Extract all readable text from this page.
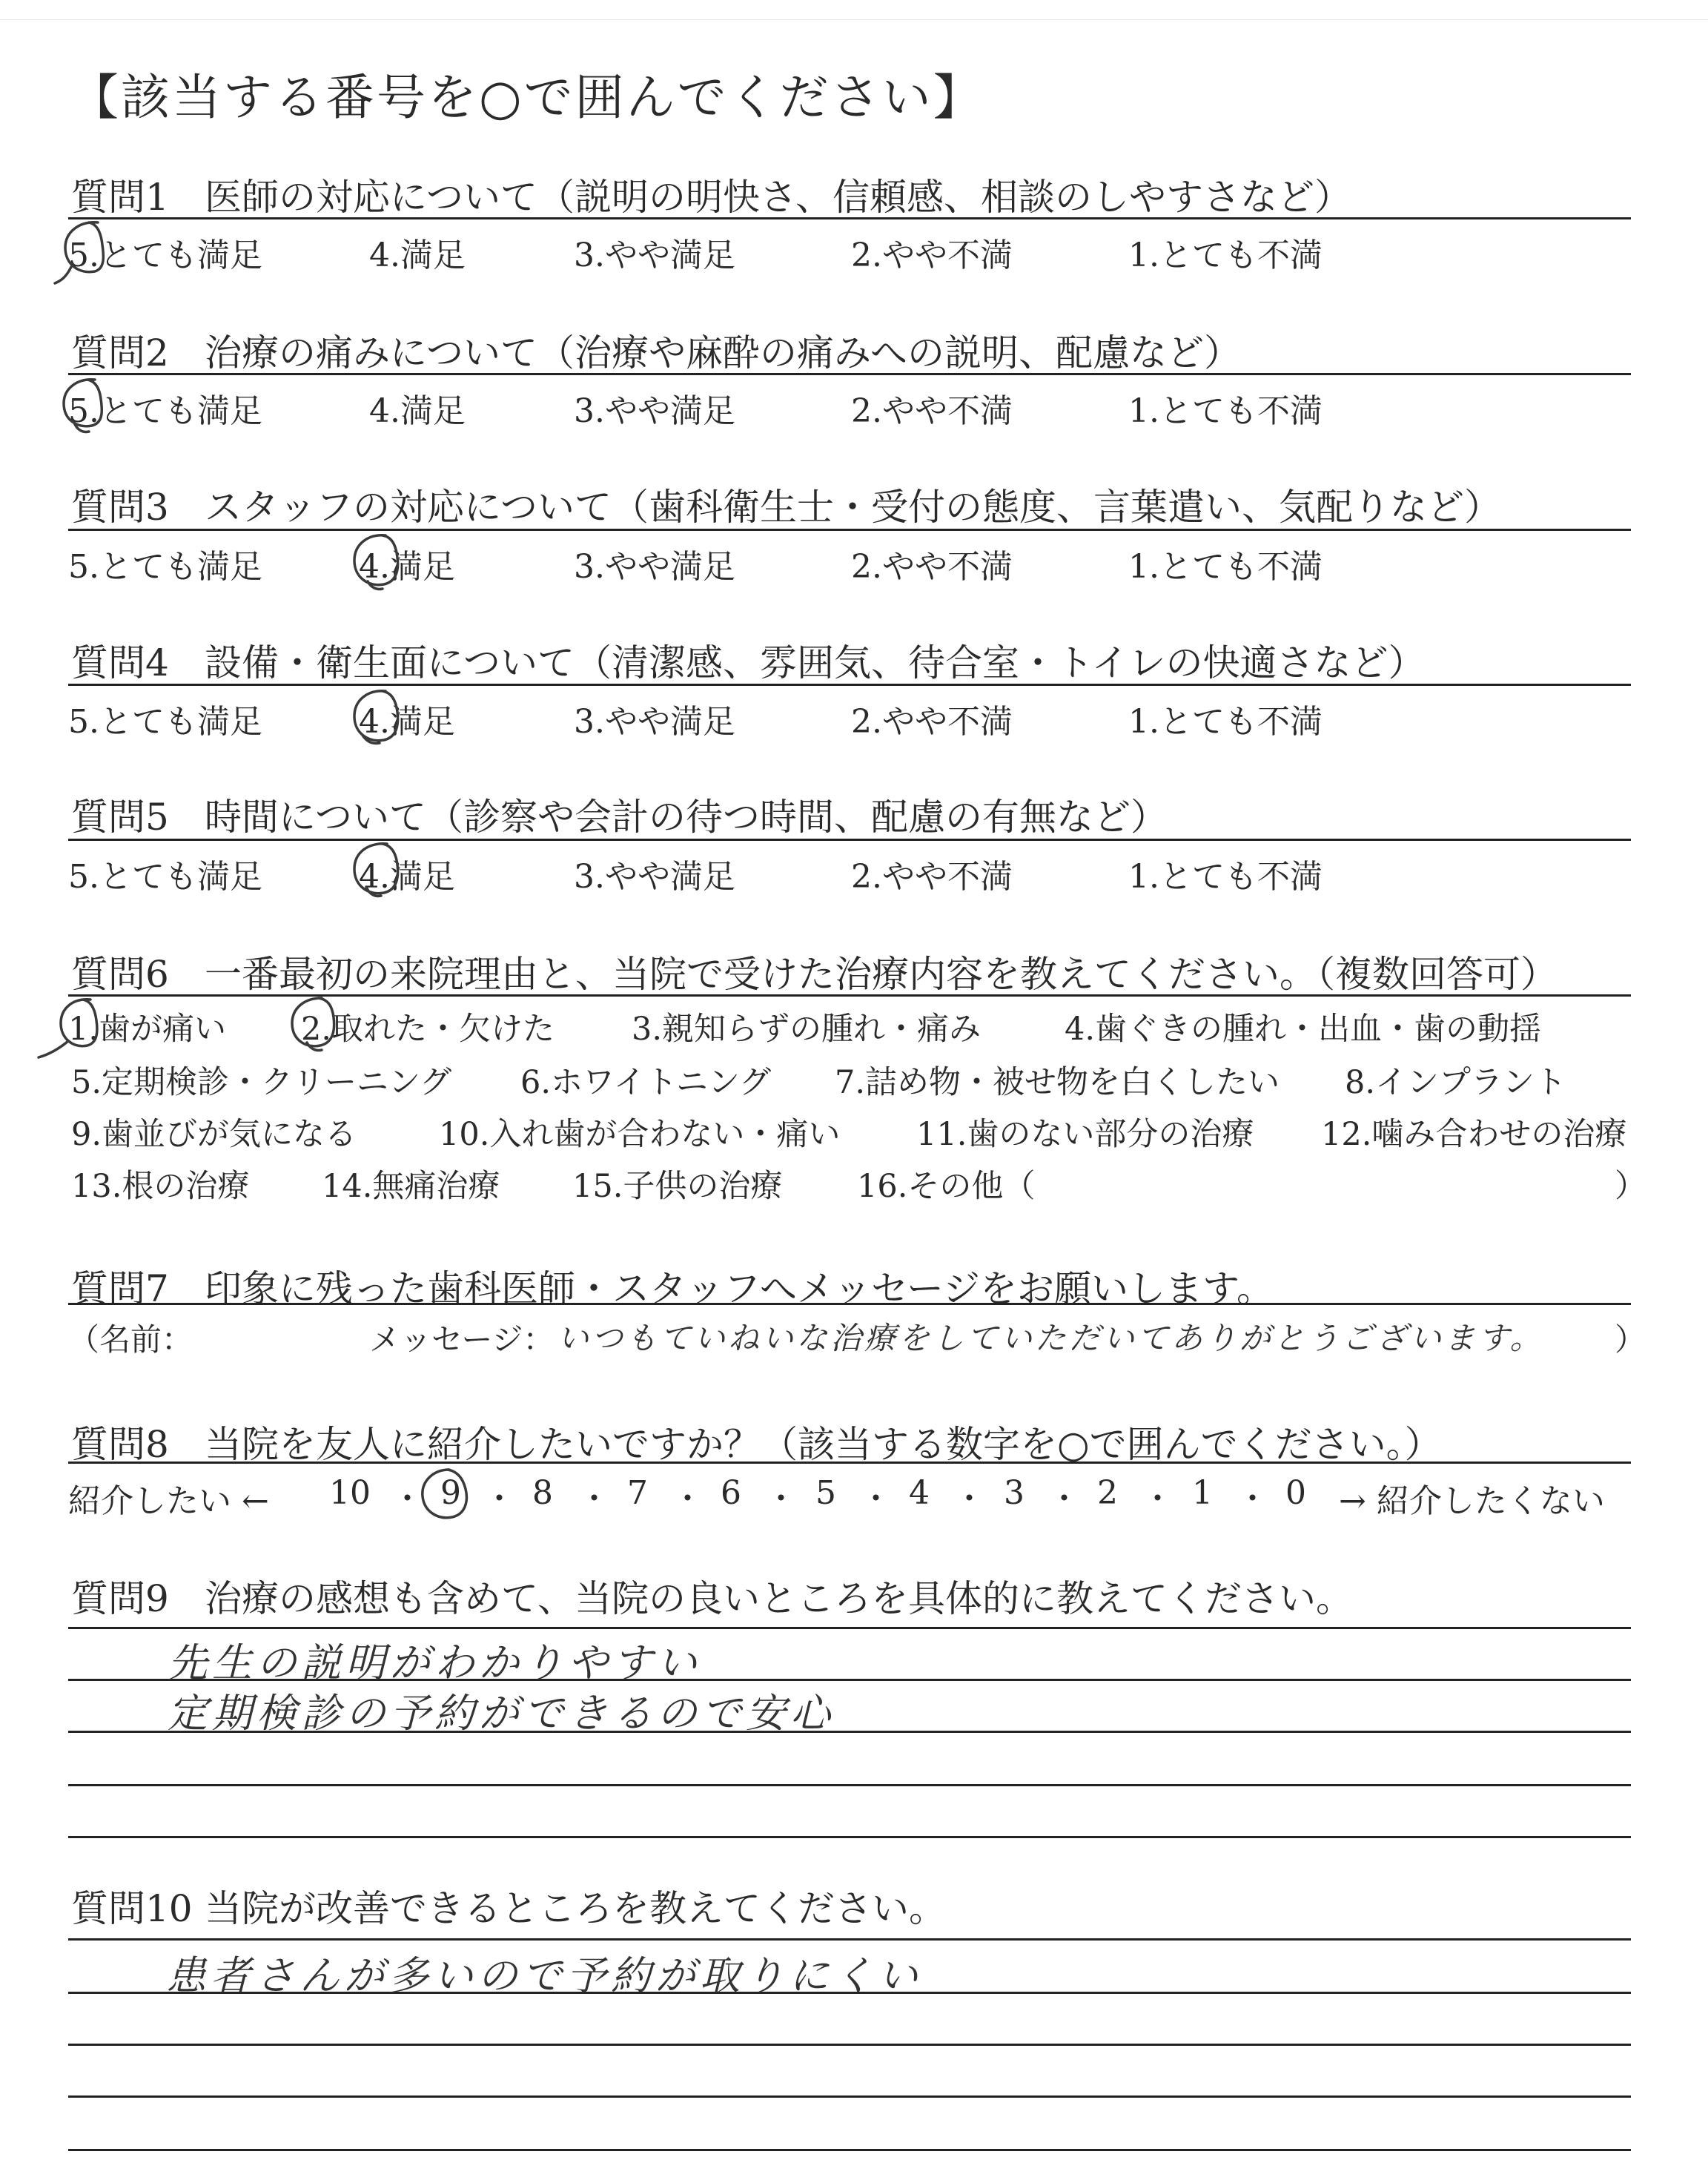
【該当する番号を○で囲んでください】
質問1 医師の対応について（説明の明快さ、信頼感、相談のしやすさなど）
5.とても満足	4.満足	3.やや満足	2.やや不満	1.とても不満
質問2 治療の痛みについて（治療や麻酔の痛みへの説明、配慮など）
5.とても満足	4.満足	3.やや満足	2.やや不満	1.とても不満
質問3 スタッフの対応について（歯科衛生士・受付の態度、言葉遣い、気配りなど）
5.とても満足	4.満足	3.やや満足	2.やや不満	1.とても不満
質問4 設備・衛生面について（清潔感、雰囲気、待合室・トイレの快適さなど）
5.とても満足	4.満足	3.やや満足	2.やや不満	1.とても不満
質問5 時間について（診察や会計の待つ時間、配慮の有無など）
5.とても満足	4.満足	3.やや満足	2.やや不満	1.とても不満
質問6 一番最初の来院理由と、当院で受けた治療内容を教えてください。（複数回答可）
1.歯が痛い 2.取れた・欠けた 3.親知らずの腫れ・痛み	4.歯ぐきの腫れ・出血・歯の動揺
5.定期検診・クリーニング 6.ホワイトニング 7.詰め物・被せ物を白くしたい 8.インプラント
9.歯並びが気になる	10.入れ歯が合わない・痛い 11.歯のない部分の治療 12.噛み合わせの治療
13.根の治療 14.無痛治療 15.子供の治療 16.その他（	）
質問7 印象に残った歯科医師・スタッフへメッセージをお願いします。
（名前：	メッセージ： いつもていねいな治療をしていただいてありがとうございます。 ）
質問8 当院を友人に紹介したいですか？（該当する数字を○で囲んでください。）
紹介したい ←	→ 紹介したくない
10 ・ 9 ・ 8 ・ 7 ・ 6 ・ 5 ・ 4 ・ 3 ・ 2 ・ 1 ・ 0
質問9 治療の感想も含めて、当院の良いところを具体的に教えてください。
先生の説明がわかりやすい
定期検診の予約ができるので安心
質問10 当院が改善できるところを教えてください。
患者さんが多いので予約が取りにくい
